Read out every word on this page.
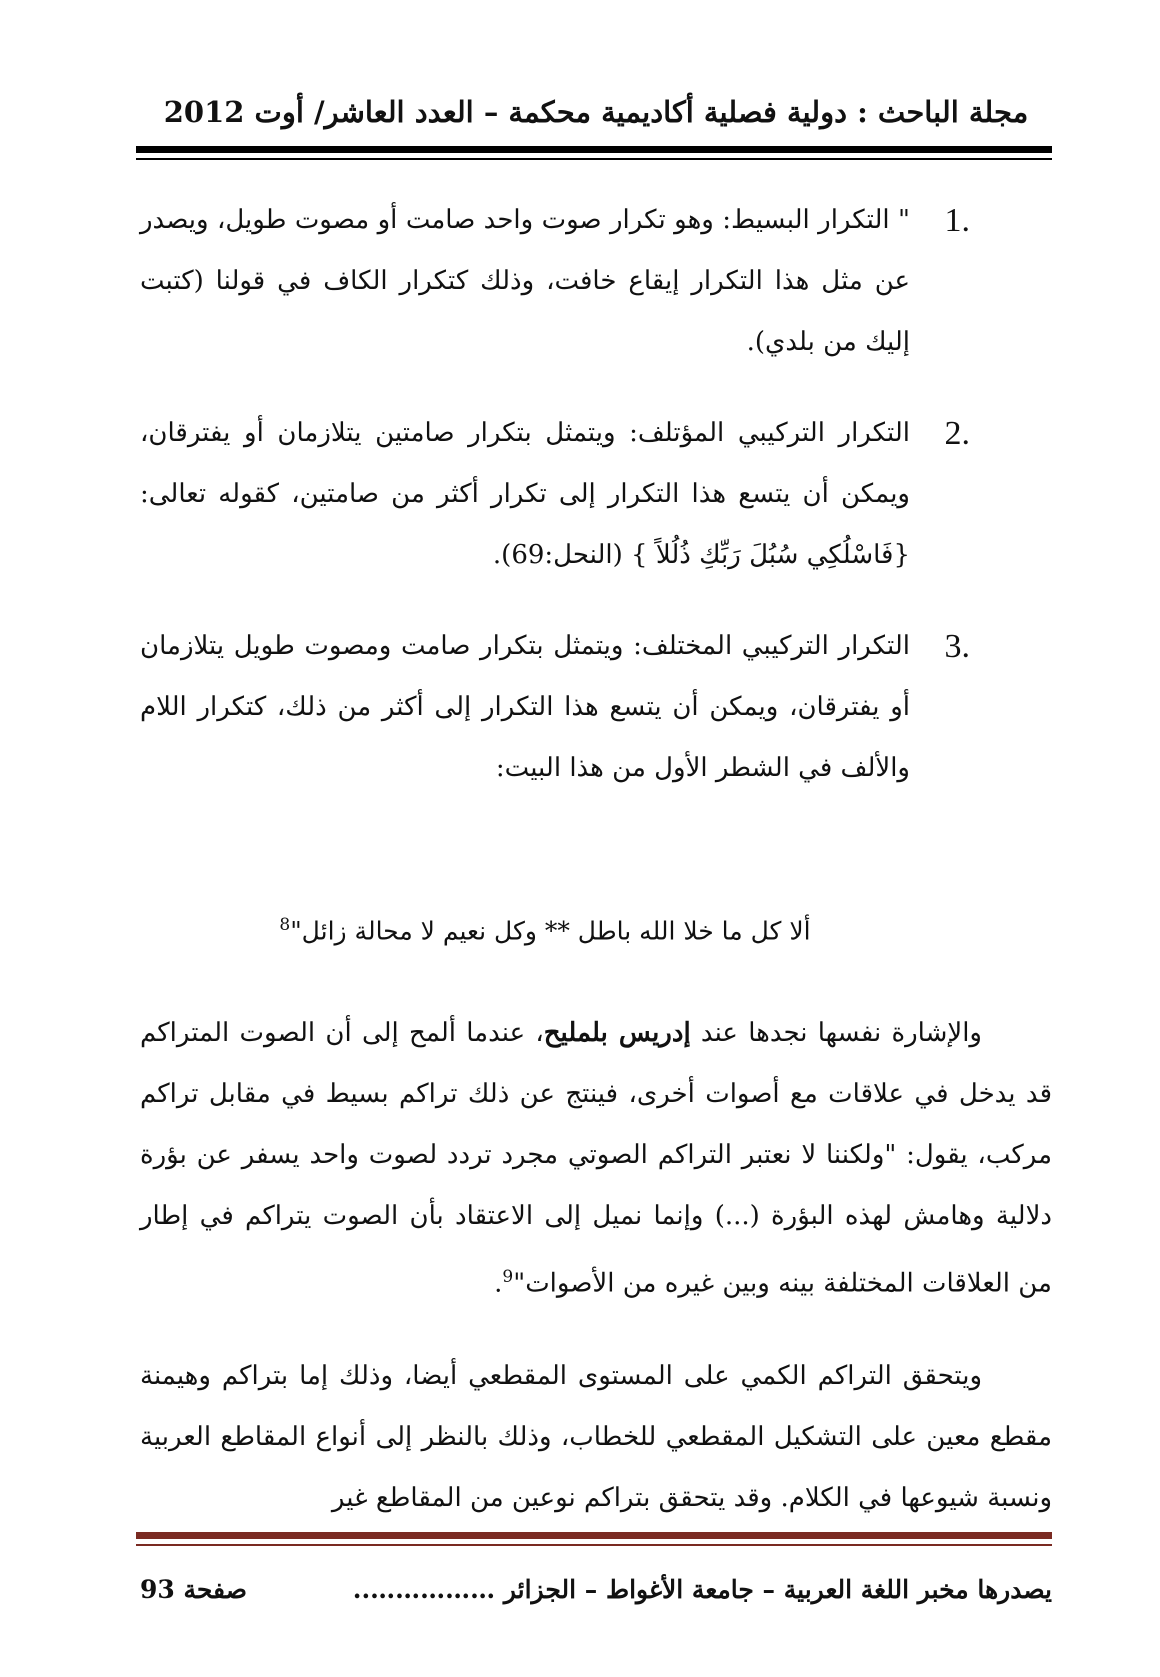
مجلة الباحث : دولية فصلية أكاديمية محكمة – العدد العاشر/ أوت 2012
1.
" التكرار البسيط: وهو تكرار صوت واحد صامت أو مصوت طويل، ويصدر عن مثل هذا التكرار إيقاع خافت، وذلك كتكرار الكاف في قولنا (كتبت إليك من بلدي).
2.
التكرار التركيبي المؤتلف: ويتمثل بتكرار صامتين يتلازمان أو يفترقان، ويمكن أن يتسع هذا التكرار إلى تكرار أكثر من صامتين، كقوله تعالى: {فَاسْلُكِي سُبُلَ رَبِّكِ ذُلُلاً } (النحل:69).
3.
التكرار التركيبي المختلف: ويتمثل بتكرار صامت ومصوت طويل يتلازمان أو يفترقان، ويمكن أن يتسع هذا التكرار إلى أكثر من ذلك، كتكرار اللام والألف في الشطر الأول من هذا البيت:
ألا كل ما خلا الله باطل ** وكل نعيم لا محالة زائل"$^8$

والإشارة نفسها نجدها عند إدريس بلمليح، عندما ألمح إلى أن الصوت المتراكم قد يدخل في علاقات مع أصوات أخرى، فينتج عن ذلك تراكم بسيط في مقابل تراكم مركب، يقول: "ولكننا لا نعتبر التراكم الصوتي مجرد تردد لصوت واحد يسفر عن بؤرة دلالية وهامش لهذه البؤرة (...) وإنما نميل إلى الاعتقاد بأن الصوت يتراكم في إطار من العلاقات المختلفة بينه وبين غيره من الأصوات"$^9$.

ويتحقق التراكم الكمي على المستوى المقطعي أيضا، وذلك إما بتراكم وهيمنة مقطع معين على التشكيل المقطعي للخطاب، وذلك بالنظر إلى أنواع المقاطع العربية ونسبة شيوعها في الكلام. وقد يتحقق بتراكم نوعين من المقاطع غير

يصدرها مخبر اللغة العربية – جامعة الأغواط – الجزائر ……………..
صفحة 93
